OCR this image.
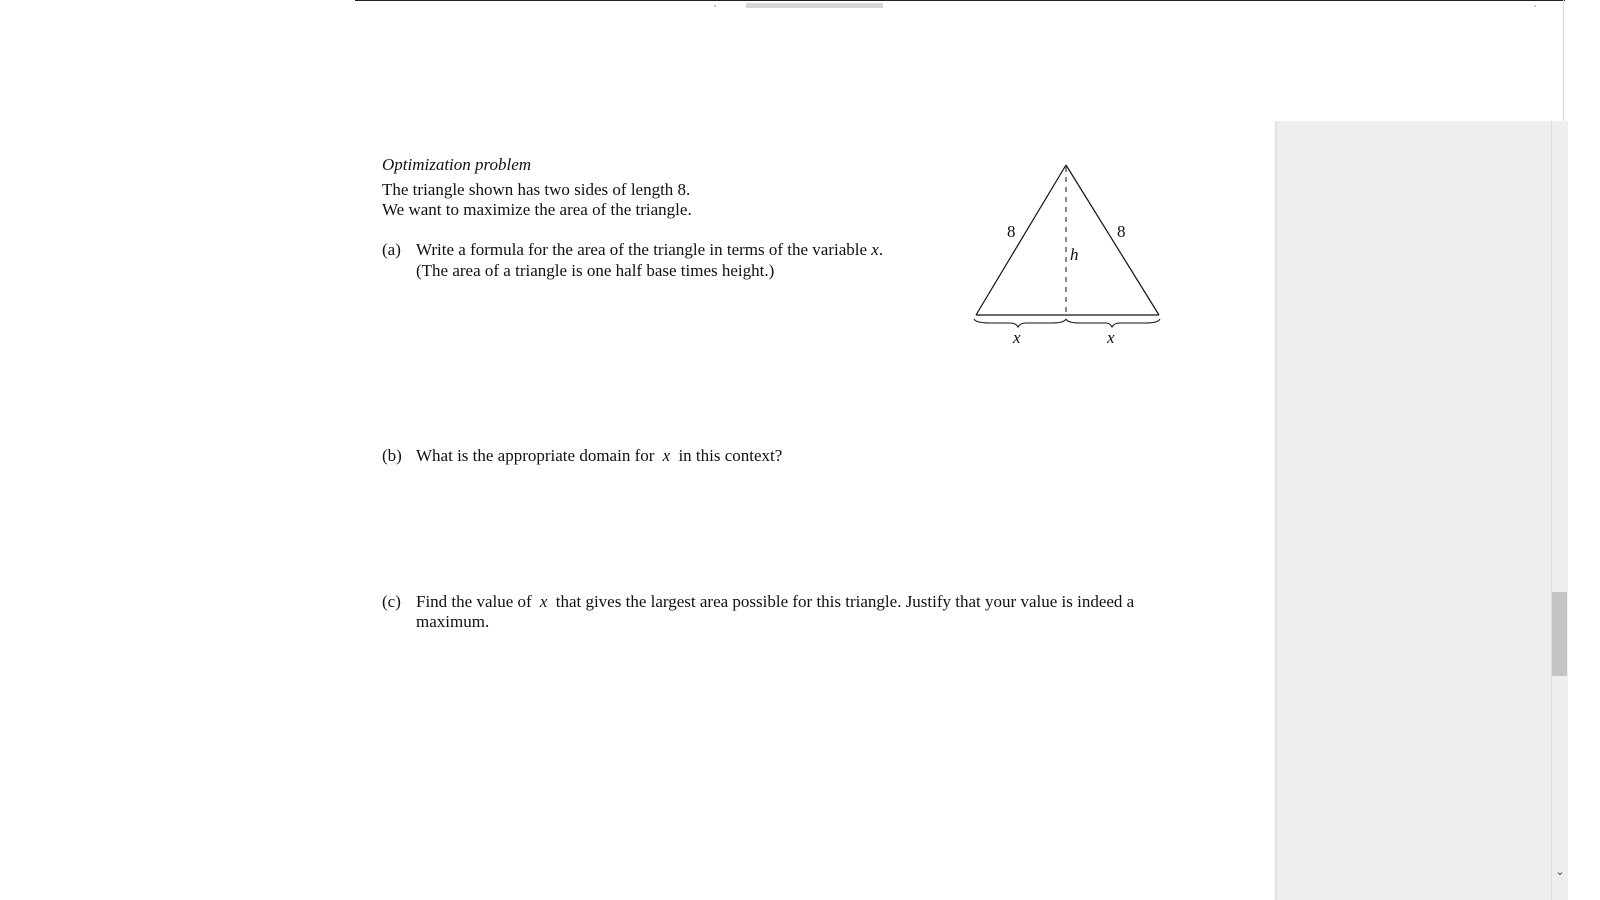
Optimization problem
The triangle shown has two sides of length 8.
We want to maximize the area of the triangle.
(a) Write a formula for the area of the triangle in terms of the variable x.
(The area of a triangle is one half base times height.)
(b) What is the appropriate domain for x in this context?
(c) Find the value of x that gives the largest area possible for this triangle. Justify that your value is indeed a
maximum.
8	8
h
x	x
⌄
